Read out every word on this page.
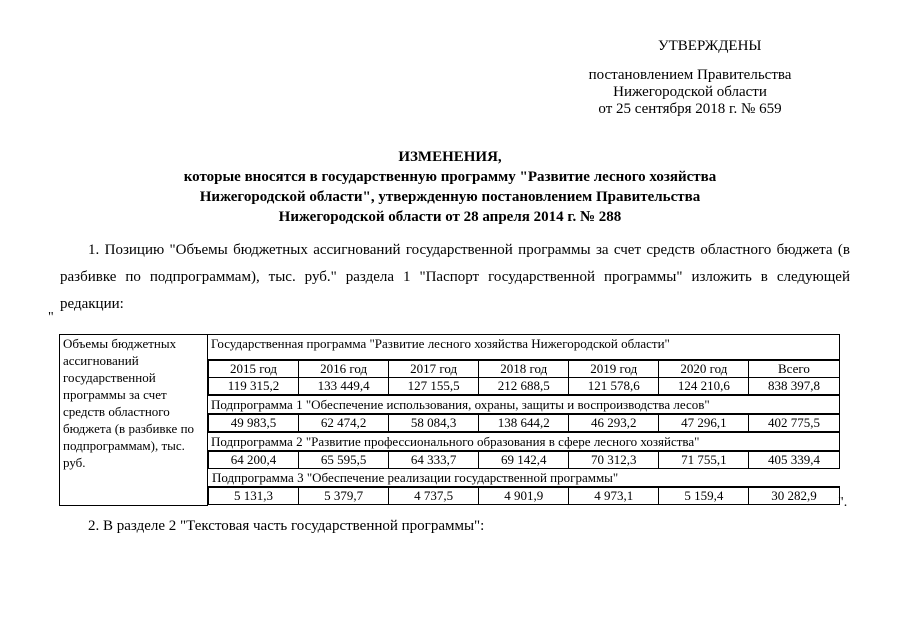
УТВЕРЖДЕНЫ
постановлением Правительства
Нижегородской области
от 25 сентября 2018 г. № 659
ИЗМЕНЕНИЯ,
которые вносятся в государственную программу "Развитие лесного хозяйства
Нижегородской области", утвержденную постановлением Правительства
Нижегородской области от 28 апреля 2014 г. № 288
1. Позицию "Объемы бюджетных ассигнований государственной программы за счет средств областного бюджета (в разбивке по подпрограммам), тыс. руб." раздела 1 "Паспорт государственной программы" изложить в следующей редакции:
"
Объемы бюджетных ассигнований государственной программы за счет средств областного бюджета (в разбивке по подпрограммам), тыс. руб.	Государственная программа "Развитие лесного хозяйства Нижегородской области"

2015 год	2016 год	2017 год	2018 год	2019 год	2020 год	Всего
119 315,2	133 449,4	127 155,5	212 688,5	121 578,6	124 210,6	838 397,8

Подпрограмма 1 "Обеспечение использования, охраны, защиты и воспроизводства лесов"

49 983,5	62 474,2	58 084,3	138 644,2	46 293,2	47 296,1	402 775,5

Подпрограмма 2 "Развитие профессионального образования в сфере лесного хозяйства"

64 200,4	65 595,5	64 333,7	69 142,4	70 312,3	71 755,1	405 339,4

Подпрограмма 3 "Обеспечение реализации государственной программы"
5 131,3	5 379,7	4 737,5	4 901,9	4 973,1	5 159,4	30 282,9 ".
2. В разделе 2 "Текстовая часть государственной программы":
